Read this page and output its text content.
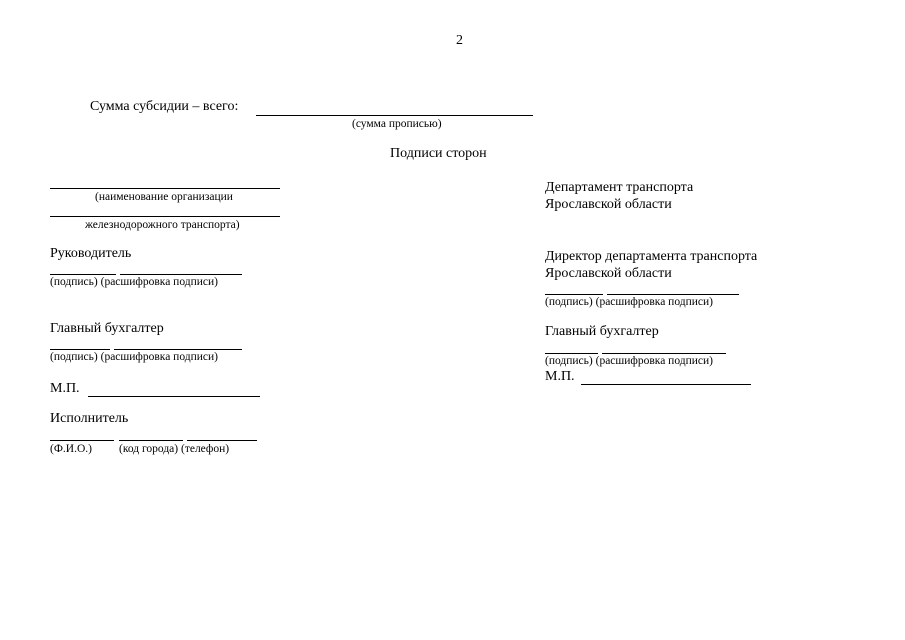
2
Сумма субсидии – всего:
(сумма прописью)
Подписи сторон
(наименование организации
железнодорожного транспорта)
Руководитель
(подпись) (расшифровка подписи)
Главный бухгалтер
(подпись) (расшифровка подписи)
М.П.
Исполнитель
(Ф.И.О.) (код города) (телефон)
Департамент транспорта
Ярославской области
Директор департамента транспорта
Ярославской области
(подпись) (расшифровка подписи)
Главный бухгалтер
(подпись) (расшифровка подписи)
М.П.
